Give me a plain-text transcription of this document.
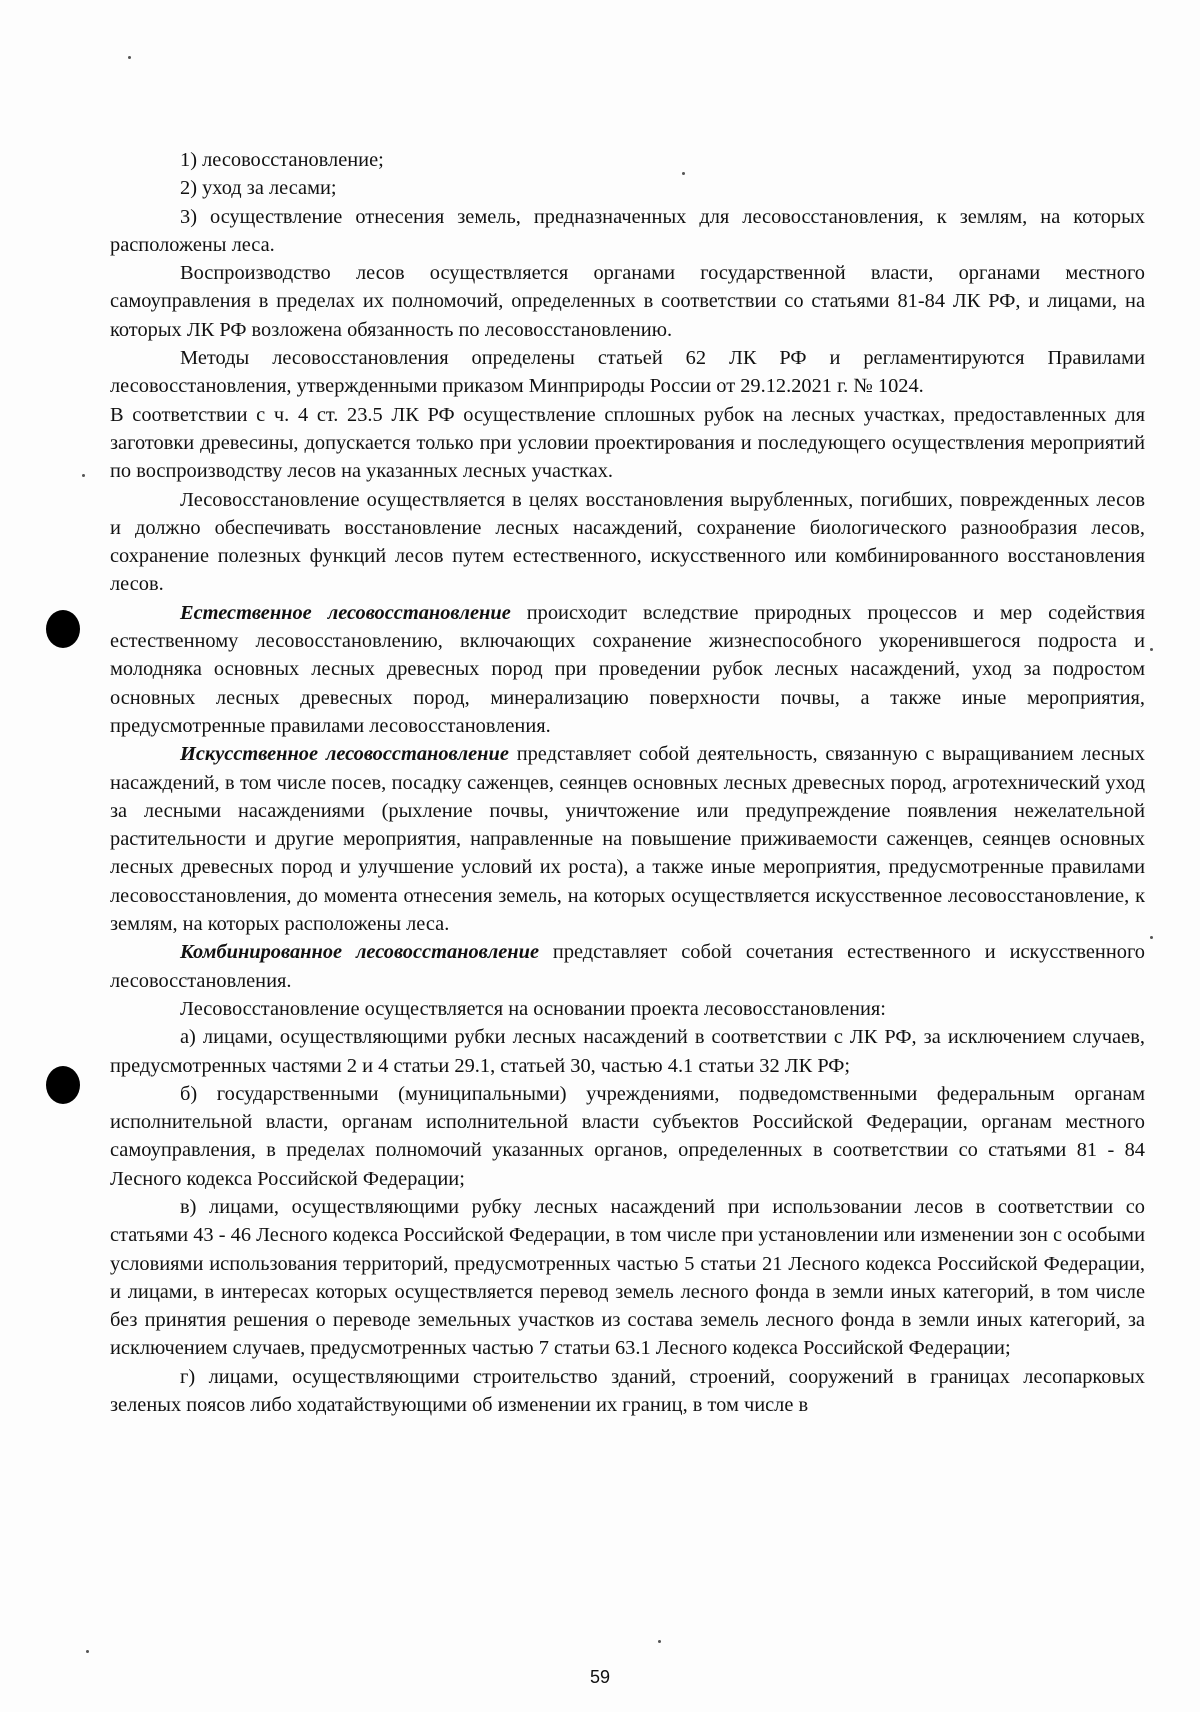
1) лесовосстановление;

2) уход за лесами;

3) осуществление отнесения земель, предназначенных для лесовосстановления, к землям, на которых расположены леса.

Воспроизводство лесов осуществляется органами государственной власти, органами местного самоуправления в пределах их полномочий, определенных в соответствии со статьями 81-84 ЛК РФ, и лицами, на которых ЛК РФ возложена обязанность по лесовосстановлению.

Методы лесовосстановления определены статьей 62 ЛК РФ и регламентируются Правилами лесовосстановления, утвержденными приказом Минприроды России от 29.12.2021 г. № 1024.

В соответствии с ч. 4 ст. 23.5 ЛК РФ осуществление сплошных рубок на лесных участках, предоставленных для заготовки древесины, допускается только при условии проектирования и последующего осуществления мероприятий по воспроизводству лесов на указанных лесных участках.

Лесовосстановление осуществляется в целях восстановления вырубленных, погибших, поврежденных лесов и должно обеспечивать восстановление лесных насаждений, сохранение биологического разнообразия лесов, сохранение полезных функций лесов путем естественного, искусственного или комбинированного восстановления лесов.

Естественное лесовосстановление происходит вследствие природных процессов и мер содействия естественному лесовосстановлению, включающих сохранение жизнеспособного укоренившегося подроста и молодняка основных лесных древесных пород при проведении рубок лесных насаждений, уход за подростом основных лесных древесных пород, минерализацию поверхности почвы, а также иные мероприятия, предусмотренные правилами лесовосстановления.

Искусственное лесовосстановление представляет собой деятельность, связанную с выращиванием лесных насаждений, в том числе посев, посадку саженцев, сеянцев основных лесных древесных пород, агротехнический уход за лесными насаждениями (рыхление почвы, уничтожение или предупреждение появления нежелательной растительности и другие мероприятия, направленные на повышение приживаемости саженцев, сеянцев основных лесных древесных пород и улучшение условий их роста), а также иные мероприятия, предусмотренные правилами лесовосстановления, до момента отнесения земель, на которых осуществляется искусственное лесовосстановление, к землям, на которых расположены леса.

Комбинированное лесовосстановление представляет собой сочетания естественного и искусственного лесовосстановления.

Лесовосстановление осуществляется на основании проекта лесовосстановления:

а) лицами, осуществляющими рубки лесных насаждений в соответствии с ЛК РФ, за исключением случаев, предусмотренных частями 2 и 4 статьи 29.1, статьей 30, частью 4.1 статьи 32 ЛК РФ;

б) государственными (муниципальными) учреждениями, подведомственными федеральным органам исполнительной власти, органам исполнительной власти субъектов Российской Федерации, органам местного самоуправления, в пределах полномочий указанных органов, определенных в соответствии со статьями 81 - 84 Лесного кодекса Российской Федерации;

в) лицами, осуществляющими рубку лесных насаждений при использовании лесов в соответствии со статьями 43 - 46 Лесного кодекса Российской Федерации, в том числе при установлении или изменении зон с особыми условиями использования территорий, предусмотренных частью 5 статьи 21 Лесного кодекса Российской Федерации, и лицами, в интересах которых осуществляется перевод земель лесного фонда в земли иных категорий, в том числе без принятия решения о переводе земельных участков из состава земель лесного фонда в земли иных категорий, за исключением случаев, предусмотренных частью 7 статьи 63.1 Лесного кодекса Российской Федерации;

г) лицами, осуществляющими строительство зданий, строений, сооружений в границах лесопарковых зеленых поясов либо ходатайствующими об изменении их границ, в том числе в

59
